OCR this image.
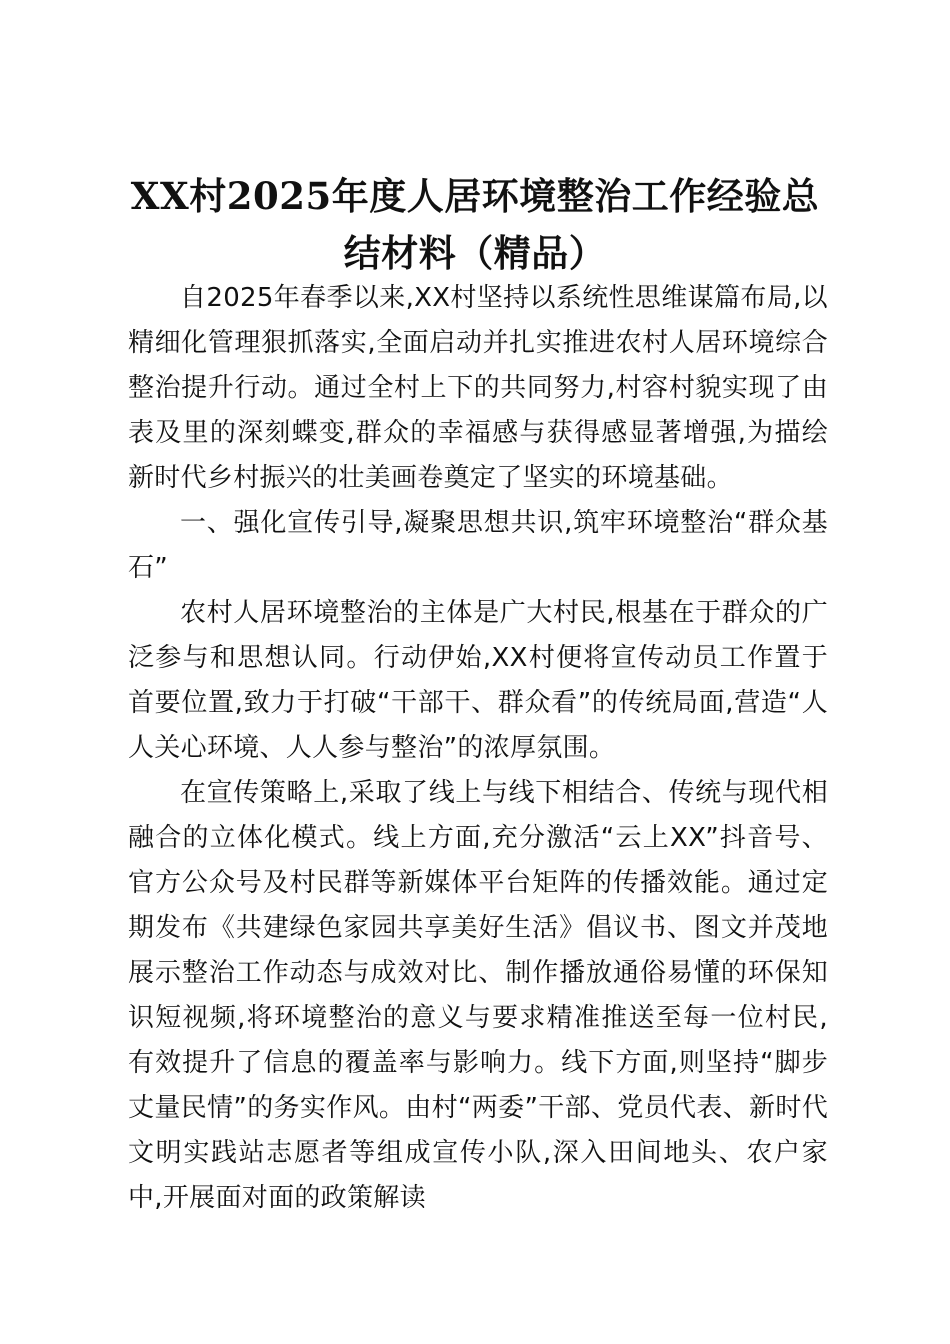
XX村2025年度人居环境整治工作经验总结材料（精品）

自2025年春季以来,XX村坚持以系统性思维谋篇布局,以精细化管理狠抓落实,全面启动并扎实推进农村人居环境综合整治提升行动。通过全村上下的共同努力,村容村貌实现了由表及里的深刻蝶变,群众的幸福感与获得感显著增强,为描绘新时代乡村振兴的壮美画卷奠定了坚实的环境基础。

一、强化宣传引导,凝聚思想共识,筑牢环境整治“群众基石”

农村人居环境整治的主体是广大村民,根基在于群众的广泛参与和思想认同。行动伊始,XX村便将宣传动员工作置于首要位置,致力于打破“干部干、群众看”的传统局面,营造“人人关心环境、人人参与整治”的浓厚氛围。

在宣传策略上,采取了线上与线下相结合、传统与现代相融合的立体化模式。线上方面,充分激活“云上XX”抖音号、官方公众号及村民群等新媒体平台矩阵的传播效能。通过定期发布《共建绿色家园共享美好生活》倡议书、图文并茂地展示整治工作动态与成效对比、制作播放通俗易懂的环保知识短视频,将环境整治的意义与要求精准推送至每一位村民,有效提升了信息的覆盖率与影响力。线下方面,则坚持“脚步丈量民情”的务实作风。由村“两委”干部、党员代表、新时代文明实践站志愿者等组成宣传小队,深入田间地头、农户家中,开展面对面的政策解读
